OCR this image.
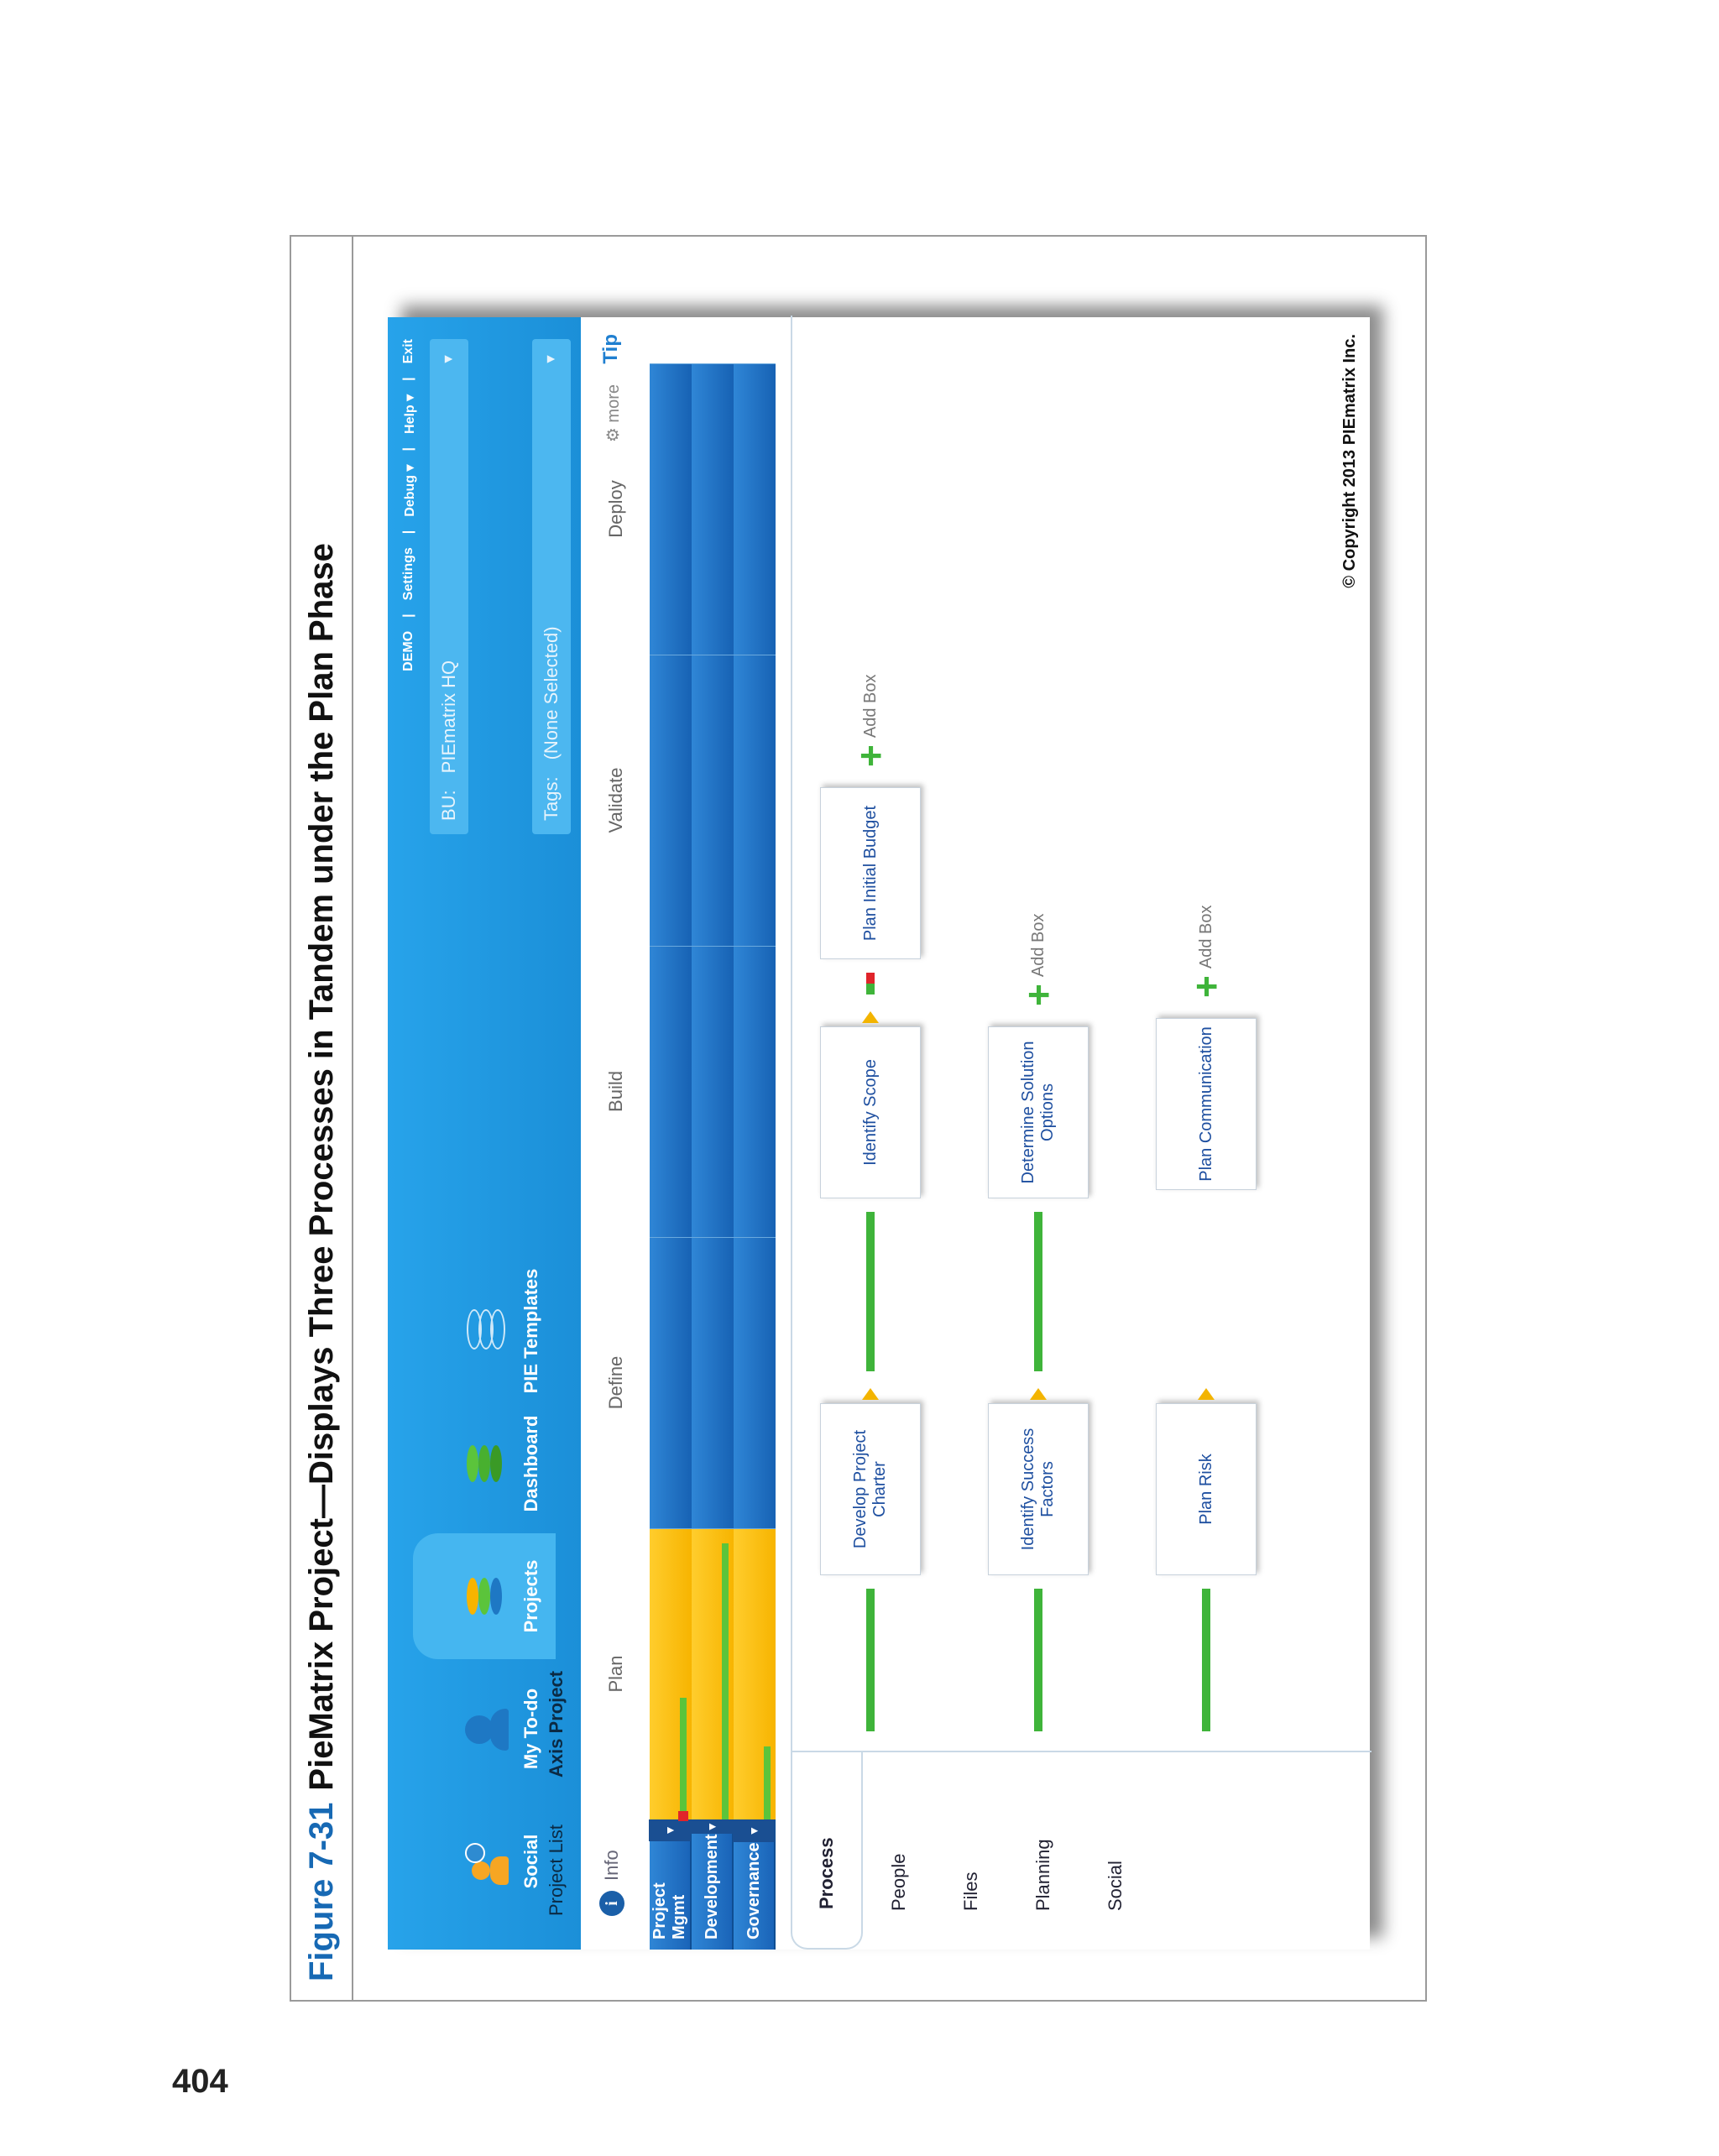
404
Figure 7-31
PieMatrix Project—Displays Three Processes in Tandem under the Plan Phase
Social
My To-do
Projects
Dashboard
PIE Templates
DEMO
|
Settings
|
Debug ▾
|
Help ▾
|
Exit
BU:
PIEmatrix HQ
▼
Tags:
(None Selected)
▼
Project List Axis Project
i
Info
⚙ more
Tip
Project Mgmt
▼
Development
▼
Governance
▼
Plan
Define
Build
Validate
Deploy
Process	People	Files	Planning	Social
Develop Project Charter
Identify Scope
Plan Initial Budget
+
Add Box
Identify Success Factors
Determine Solution Options
+
Add Box
Plan Risk
Plan Communication
+
Add Box
© Copyright 2013 PIEmatrix Inc.
